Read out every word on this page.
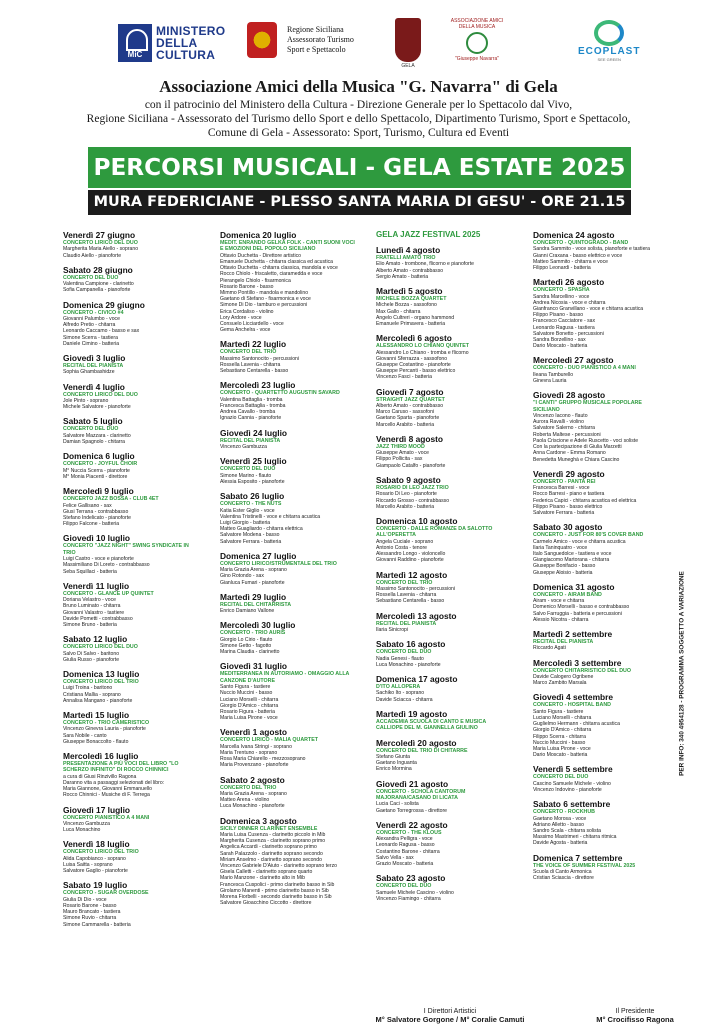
MiC
MINISTERO DELLA CULTURA
Regione Siciliana
Assessorato Turismo
Sport e Spettacolo
GELA
ASSOCIAZIONE AMICI DELLA MUSICA
"Giuseppe Navarra"
ECOPLAST
SEE GREEN
Associazione Amici della Musica "G. Navarra" di Gela
con il patrocinio del Ministero della Cultura - Direzione Generale per lo Spettacolo dal Vivo,
Regione Siciliana - Assessorato del Turismo dello Sport e dello Spettacolo, Dipartimento Turismo, Sport e Spettacolo,
Comune di Gela - Assessorato: Sport, Turismo, Cultura ed Eventi
PERCORSI MUSICALI - GELA ESTATE 2025
MURA FEDERICIANE - PLESSO SANTA MARIA DI GESU' - ORE 21.15
Venerdì 27 giugno
CONCERTO LIRICO DEL DUO
Margherita Maria Aiello - soprano
Claudio Aiello - pianoforte
Sabato 28 giugno
CONCERTO DEL DUO
Valentina Campione - clarinetto
Sofia Campanella - pianoforte
Domenica 29 giugno
CONCERTO - CIVICO #4
Giovanni Palumbo - voce
Alfredo Pretio - chitarra
Leonardo Caccamo - basso e sax
Simone Scerra - tastiera
Daniele Cimino - batteria
Giovedì 3 luglio
RECITAL DEL PIANISTA
Sophia Ghambashidze
Venerdì 4 luglio
CONCERTO LIRICO DEL DUO
Jole Pinto - soprano
Michele Salvatore - pianoforte
Sabato 5 luglio
CONCERTO DEL DUO
Salvatore Mazzara - clarinetto
Damian Spagnolo - chitarra
Domenica 6 luglio
CONCERTO - JOYFUL CHOIR
M° Nuccia Scerra - pianoforte
M° Monia Piacenti - direttore
Mercoledì 9 luglio
CONCERTO JAZZ BOSSA - CLUB 4ET
Felice Gallisano - sax
Giusi Terrana - contrabbasso
Stefano Indelicato - pianoforte
Filippo Falcone - batteria
Giovedì 10 luglio
CONCERTO "JAZZ NIGHT" SWING SYNDICATE IN TRIO
Luigi Castro - voce e pianoforte
Massimiliano Di Loreto - contrabbasso
Seba Squillaci - batteria
Venerdì 11 luglio
CONCERTO - GLANCE UP QUINTET
Doriana Velastro - voce
Bruno Luminato - chitarra
Giovanni Valastro - tastiere
Davide Pometti - contrabbasso
Simone Bruno - batteria
Sabato 12 luglio
CONCERTO LIRICO DEL DUO
Salvo Di Salvo - baritono
Giulia Russo - pianoforte
Domenica 13 luglio
CONCERTO LIRICO DEL TRIO
Luigi Troina - baritono
Cristiana Mallia - soprano
Annalisa Mangano - pianoforte
Martedì 15 luglio
CONCERTO - TRIO CAMERISTICO
Vincenzo Ginevra Lauria - pianoforte
Sara Nobile - canto
Giuseppe Bonaccolto - flauto
Mercoledì 16 luglio
PRESENTAZIONE A PIÙ VOCI DEL LIBRO "LO SCHERZO INFINITO" DI ROCCO CHINNICI
a cura di Giusi Rinzivillo Ragona
Daranno vita a passaggi selezionati del libro:
Maria Giannone, Giovanni Emmanuello
Rocco Chinnici - Musiche di F. Terrega
Giovedì 17 luglio
CONCERTO PIANISTICO A 4 MANI
Vincenzo Gambuzza
Luca Monachino
Venerdì 18 luglio
CONCERTO LIRICO DEL TRIO
Alida Capobianco - soprano
Luisa Saitta - soprano
Salvatore Gaglio - pianoforte
Sabato 19 luglio
CONCERTO - SUGAR OVERDOSE
Giulia Di Dio - voce
Rosario Barone - basso
Mauro Brancato - tastiera
Simone Ruvio - chitarra
Simone Cammarella - batteria
Domenica 20 luglio
MEDIT. ENRANDO GELKA FOLK - CANTI SUONI VOCI E EMOZIONI DEL POPOLO SICILIANO
Ottavio Duchetta - Direttore artistico
Emanuele Duchetta - chitarra classica ed acustica
Ottavio Duchetta - chitarra classica, mandola e voce
Rocco Chiolo - friscaletto, ciaramedda e voce
Pierangelo Chiolo - fisarmonica
Rosario Barone - basso
Mimmo Pontillo - mandola e mandolino
Gaetano di Stefano - fisarmonica e voce
Simone Di Dio - tamburo e percussioni
Erica Cordaliso - violino
Lory Ardore - voce
Consuelo Licciardello - voce
Gema Anchelra - voce
Martedì 22 luglio
CONCERTO DEL TRIO
Massimo Santonocito - percussioni
Rossella Lavenia - chitarra
Sebastiano Centarella - basso
Mercoledì 23 luglio
CONCERTO - QUARTETTO AUGUSTIN SAVARD
Valentina Battaglia - tromba
Francesca Battaglia - tromba
Andrea Cavallo - tromba
Ignazio Cannia - pianoforte
Giovedì 24 luglio
RECITAL DEL PIANISTA
Vincenzo Gambuzza
Venerdì 25 luglio
CONCERTO DEL DUO
Simone Marino - flauto
Alessia Esposito - pianoforte
Sabato 26 luglio
CONCERTO - THE NUTS
Katia Ester Giglio - voce
Valentina Tristinelli - voce e chitarra acustica
Luigi Giorgio - batteria
Matteo Guagliardo - chitarra elettrica
Salvatore Modena - basso
Salvatore Ferrara - batteria
Domenica 27 luglio
CONCERTO LIRICO/STRUMENTALE DEL TRIO
Maria Grazia Arena - soprano
Gino Rotondo - sax
Gianluca Fumari - pianoforte
Martedì 29 luglio
RECITAL DEL CHITARRISTA
Enrico Damiano Vallone
Mercoledì 30 luglio
CONCERTO - TRIO AURIS
Giorgio Lo Cirio - flauto
Simone Getto - fagotto
Marina Claudia - clarinetto
Giovedì 31 luglio
MEDITERRANEA IN AUTORIAMO - OMAGGIO ALLA CANZONE D'AUTORE
Santo Figura - tastiere
Nuccio Muccini - basso
Luciano Morselli - chitarra
Giorgio D'Amico - chitarra
Rosario Figura - batteria
Maria Luisa Pirone - voce
Venerdì 1 agosto
CONCERTO LIRICO - MALIA QUARTET
Marcella Ivana Stringi - soprano
Maria Trentuno - soprano
Rosa Maria Chiarello - mezzosoprano
Maria Provenzano - pianoforte
Sabato 2 agosto
CONCERTO DEL TRIO
Maria Grazia Arena - soprano
Matteo Arena - violino
Luca Monachino - pianoforte
Domenica 3 agosto
SICILY DINNER CLARINET ENSEMBLE
Maria Luisa Cusenza - clarinetto piccolo in Mib
Margherita Cusenza - clarinetto soprano primo
Angelica Accardi - clarinetto soprano primo
Sarah Palazzolo - clarinetto soprano secondo
Miriam Anselmo - clarinetto soprano secondo
Vincenzo Gabriele D'Aiuto - clarinetto soprano terzo
Gisela Calletti - clarinetto soprano quarto
Mario Manzone - clarinetto alto in Mib
Francesca Cuspolici - primo clarinetto basso in Sib
Girolamo Manenti - primo clarinetto basso in Sib
Morena Fiorbelli - secondo clarinetto basso in Sib
Salvatore Gioacchino Ciccotto - direttore
GELA JAZZ FESTIVAL 2025
Lunedì 4 agosto
FRATELLI AMATO TRIO
Elio Amato - trombone, flicorno e pianoforte
Alberto Amato - contrabbasso
Sergio Amato - batteria
Martedì 5 agosto
MICHELE BOZZA QUARTET
Michele Bozza - sassofono
Max Gallo - chitarra
Angelo Cultreri - organo hammond
Emanuele Primavera - batteria
Mercoledì 6 agosto
ALESSANDRO LO CHIANO QUINTET
Alessandro Lo Chiano - tromba e flicorno
Giovanni Sferrazza - sassofono
Giuseppe Costantino - pianoforte
Giuseppe Percanti - basso elettrico
Vincenzo Fasci - batteria
Giovedì 7 agosto
STRAIGHT JAZZ QUARTET
Alberto Amato - contrabbasso
Marco Caruso - sassofoni
Gaetano Sparta - pianoforte
Marcello Arabito - batteria
Venerdì 8 agosto
JAZZ THIRD MOOD
Giuseppe Amato - voce
Filippo Pollicita - sax
Giampaolo Catalfo - pianoforte
Sabato 9 agosto
ROSARIO DI LEO JAZZ TRIO
Rosario Di Leo - pianoforte
Riccardo Grosso - contrabbasso
Marcello Arabito - batteria
Domenica 10 agosto
CONCERTO - DALLE ROMANZE DA SALOTTO ALL'OPERETTA
Angela Cuciale - soprano
Antonio Costa - tenore
Alessandro Longo - violoncello
Giovanni Raddino - pianoforte
Martedì 12 agosto
CONCERTO DEL TRIO
Massimo Santonocito - percussioni
Rossella Lavenia - chitarra
Sebastiano Centarella - basso
Mercoledì 13 agosto
RECITAL DEL PIANISTA
Ilaria Sinicropi
Sabato 16 agosto
CONCERTO DEL DUO
Nadia Genesi - flauto
Luca Monachino - pianoforte
Domenica 17 agosto
D'ITO ALLOPERA
Sachiko Ito - soprano
Davide Sciacca - chitarra
Martedì 19 agosto
ACCADEMIA SCUOLA DI CANTO E MUSICA CALLIOPE DEL M. GIANNELLA GIULINO
Mercoledì 20 agosto
CONCERTO DEL TRIO DI CHITARRE
Stefano Giunta
Gaetano Inguanta
Enrico Mormina
Giovedì 21 agosto
CONCERTO - SCHOLA CANTORUM MAJORANA/CASANO DI LICATA
Lucia Caci - solista
Gaetano Torregrossa - direttore
Venerdì 22 agosto
CONCERTO - THE KLOUS
Alexandra Pelligra - voce
Leonardo Ragusa - basso
Costantino Barone - chitarra
Salvo Vella - sax
Grazio Moscato - batteria
Sabato 23 agosto
CONCERTO DEL DUO
Samuele Michele Cascino - violino
Vincenzo Fiamingo - chitarra
Domenica 24 agosto
CONCERTO - QUINTOGRADO - BAND
Sandra Sammito - voce solista, pianoforte e tastiera
Gianni Craxana - basso elettrico e voce
Matteo Sammito - chitarra e voce
Filippo Leonardi - batteria
Martedì 26 agosto
CONCERTO - SPASHA
Sandra Marcellino - voce
Andrea Nicosia - voce e chitarra
Gianfranco Granvillano - voce e chitarra acustica
Filippo Pisano - basso
Francesco Cacciatore - sax
Leonardo Ragusa - tastiera
Salvatore Bonetto - percussioni
Sandra Borzellino - sax
Dario Moscato - batteria
Mercoledì 27 agosto
CONCERTO - DUO PIANISTICO A 4 MANI
Ileana Tamburello
Ginevra Lauria
Giovedì 28 agosto
"I CANTI" GRUPPO MUSICALE POPOLARE SICILIANO
Vincenzo Iacono - flauto
Aurora Ravalli - violino
Salvatore Salerno - chitarra
Roberta Maltese - percussioni
Paola Criscione e Adele Ruscetto - voci soliste
Con la partecipazione di Giulia Marzetti
Anna Cardone - Emma Romano
Benedetta Muneghà e Chiara Cascino
Venerdì 29 agosto
CONCERTO - PANTA REI
Francesca Barresi - voce
Rocco Barresi - piano e tastiera
Federica Capici - chitarra acustica ed elettrica
Filippo Pisano - basso elettrico
Salvatore Ferrara - batteria
Sabato 30 agosto
CONCERTO - JUST FOR 80'S COVER BAND
Carmelo Amico - voce e chitarra acustica
Ilaria Taninquatro - voce
Italo Sanguedolce - tastiera e voce
Giangiacomo Martorana - chitarra
Giuseppe Bonifacio - basso
Giuseppe Aloisio - batteria
Domenica 31 agosto
CONCERTO - AIRAM BAND
Airam - voce e chitarra
Domenico Morselli - basso e contrabbasso
Salvo Farruggia - batteria e percussioni
Alessio Nicotra - chitarra
Martedì 2 settembre
RECITAL DEL PIANISTA
Riccardo Agati
Mercoledì 3 settembre
CONCERTO CHITARRISTICO DEL DUO
Davide Calogero Ogribene
Marco Zambito Marsala
Giovedì 4 settembre
CONCERTO - HOSPITAL BAND
Santo Figura - tastiere
Luciano Morselli - chitarra
Guglielmo Hermann - chitarra acustica
Giorgio D'Amico - chitarra
Filippo Scerra - chitarra
Nuccio Muccini - basso
Maria Luisa Pirone - voce
Dario Moscato - batteria
Venerdì 5 settembre
CONCERTO DEL DUO
Cascino Samuele Michele - violino
Vincenzo Indovino - pianoforte
Sabato 6 settembre
CONCERTO - ROCKHUB
Gaetano Morosa - voce
Adriano Alletto - basso
Sandro Scala - chitarra solista
Massimo Mastrimeri - chitarra ritmica
Davide Agosta - batteria
Domenica 7 settembre
THE VOICE OF SUMMER FESTIVAL 2025
Scuola di Canto Armonica
Cristian Sciascia - direttore
PER INFO: 340 4954128 - PROGRAMMA SOGGETTO A VARIAZIONE
I Direttori Artistici
M° Salvatore Gorgone / M° Coralie Camuti
Il Presidente
M° Crocifisso Ragona
